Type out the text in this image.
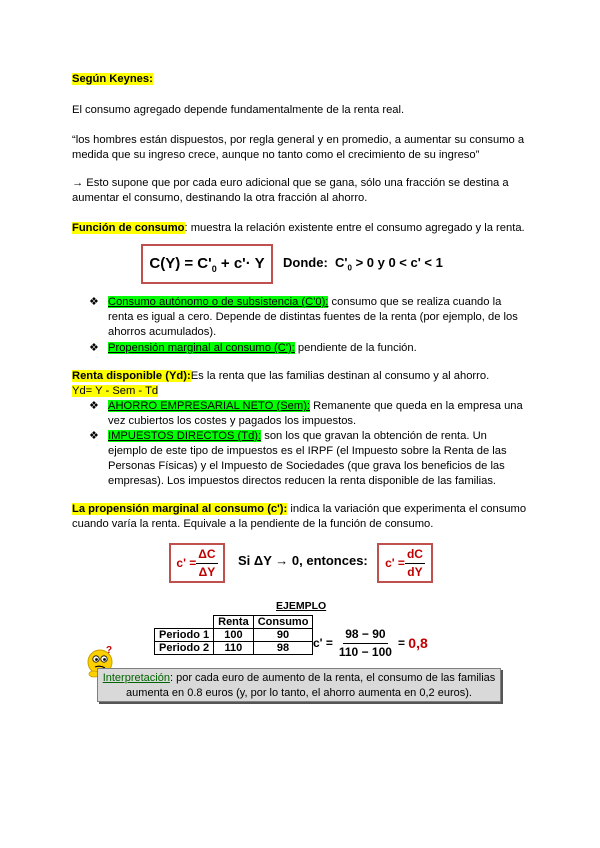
Según Keynes:
El consumo agregado depende fundamentalmente de la renta real.
“los hombres están dispuestos, por regla general y en promedio, a aumentar su consumo a medida que su ingreso crece, aunque no tanto como el crecimiento de su ingreso”
→ Esto supone que por cada euro adicional que se gana, sólo una fracción se destina a aumentar el consumo, destinando la otra fracción al ahorro.
Función de consumo: muestra la relación existente entre el consumo agregado y la renta.
$C(Y) = C'_0 + c'\cdot Y$	Donde: $C'_0 > 0$ y 0 < c' < 1
❖ Consumo autónomo o de subsistencia (C'0): consumo que se realiza cuando la renta es igual a cero. Depende de distintas fuentes de la renta (por ejemplo, de los ahorros acumulados).
❖ Propensión marginal al consumo (C'): pendiente de la función.
Renta disponible (Yd):Es la renta que las familias destinan al consumo y al ahorro.
Yd= Y - Sem - Td
❖ AHORRO EMPRESARIAL NETO (Sem): Remanente que queda en la empresa una vez cubiertos los costes y pagados los impuestos.
❖ IMPUESTOS DIRECTOS (Td): son los que gravan la obtención de renta. Un ejemplo de este tipo de impuestos es el IRPF (el Impuesto sobre la Renta de las Personas Físicas) y el Impuesto de Sociedades (que grava los beneficios de las empresas). Los impuestos directos reducen la renta disponible de las familias.
La propensión marginal al consumo (c'): indica la variación que experimenta el consumo cuando varía la renta. Equivale a la pendiente de la función de consumo.
$c' = \frac{\Delta C}{\Delta Y}$ Si ΔY → 0, entonces: $c' = \frac{dC}{dY}$
EJEMPLO
	Renta	Consumo
Periodo 1	100	90
Periodo 2	110	98 $c' = \frac{98 - 90}{110 - 100}$ =
0,8
?
Interpretación: por cada euro de aumento de la renta, el consumo de las familias aumenta en 0.8 euros (y, por lo tanto, el ahorro aumenta en 0,2 euros).
